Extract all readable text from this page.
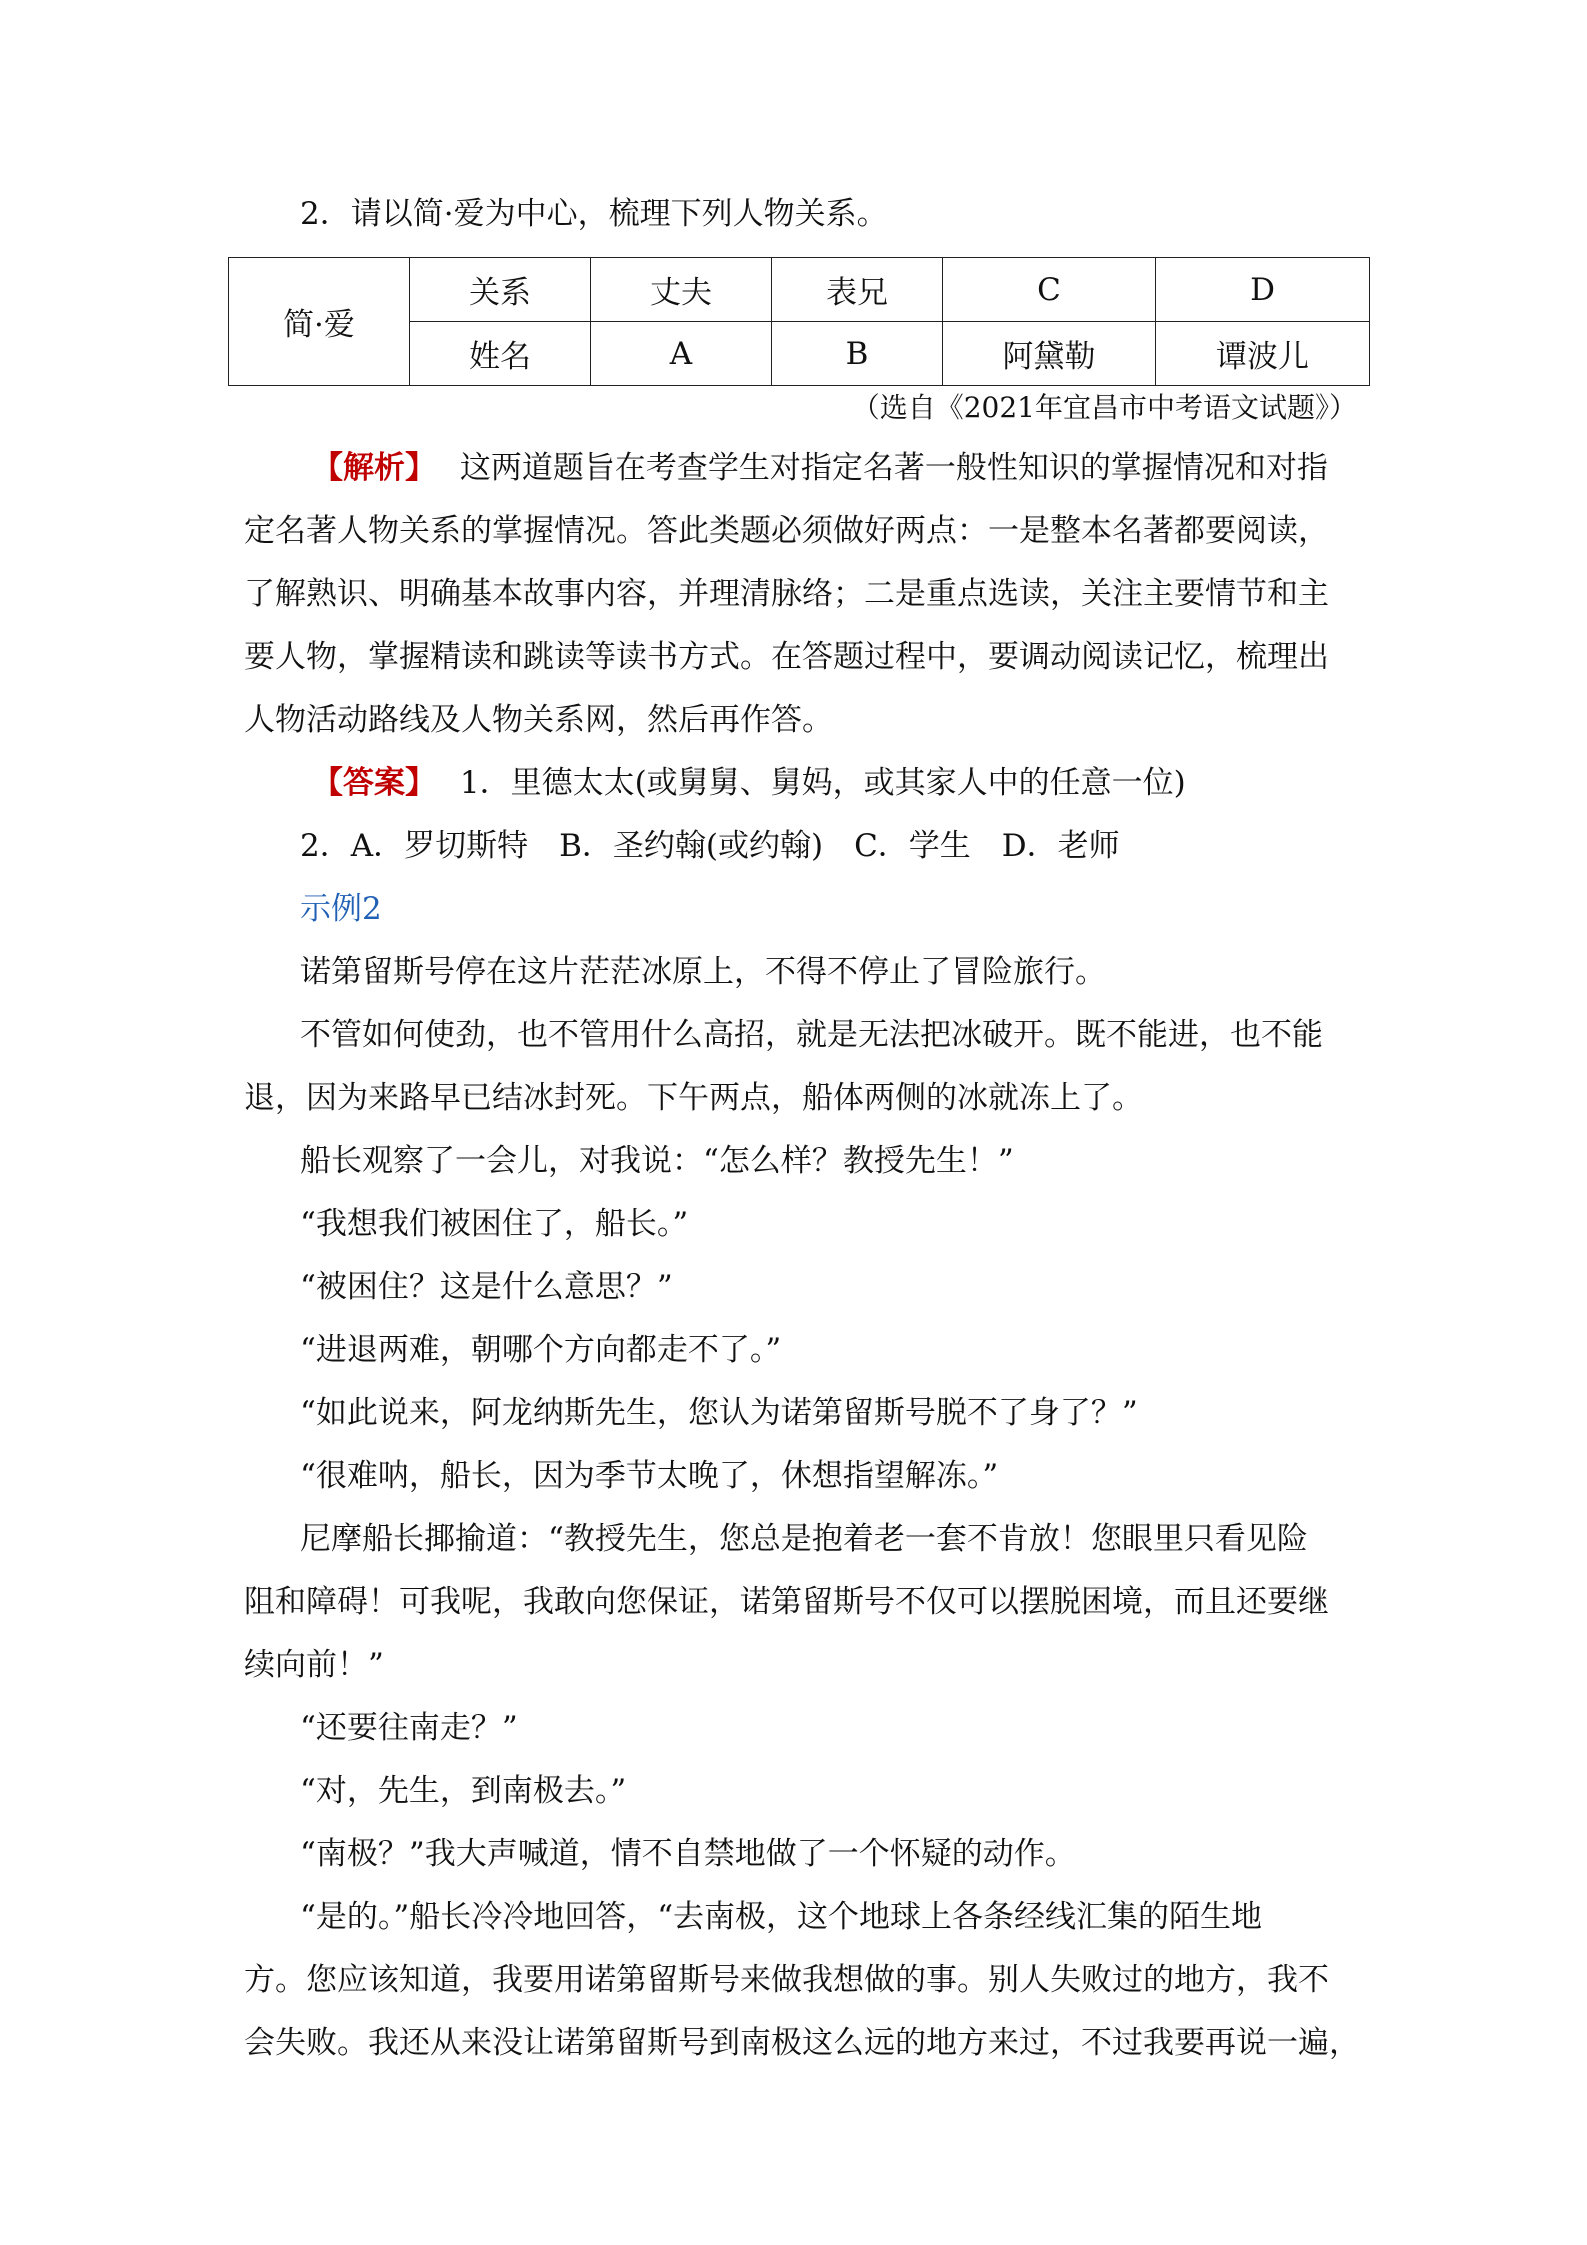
2．请以简·爱为中心，梳理下列人物关系。
简·爱	关系	丈夫	表兄	C	D
	姓名	A	B	阿黛勒	谭波儿
（选自《2021年宜昌市中考语文试题》）
【解析】 这两道题旨在考查学生对指定名著一般性知识的掌握情况和对指
定名著人物关系的掌握情况。答此类题必须做好两点：一是整本名著都要阅读，
了解熟识、明确基本故事内容，并理清脉络；二是重点选读，关注主要情节和主
要人物，掌握精读和跳读等读书方式。在答题过程中，要调动阅读记忆，梳理出
人物活动路线及人物关系网，然后再作答。
【答案】 1．里德太太(或舅舅、舅妈，或其家人中的任意一位)
2．A．罗切斯特　B．圣约翰(或约翰)　C．学生　D．老师
示例2
诺第留斯号停在这片茫茫冰原上，不得不停止了冒险旅行。
不管如何使劲，也不管用什么高招，就是无法把冰破开。既不能进，也不能
退，因为来路早已结冰封死。下午两点，船体两侧的冰就冻上了。
船长观察了一会儿，对我说：“怎么样？教授先生！”
“我想我们被困住了，船长。”
“被困住？这是什么意思？”
“进退两难，朝哪个方向都走不了。”
“如此说来，阿龙纳斯先生，您认为诺第留斯号脱不了身了？”
“很难呐，船长，因为季节太晚了，休想指望解冻。”
尼摩船长揶揄道：“教授先生，您总是抱着老一套不肯放！您眼里只看见险
阻和障碍！可我呢，我敢向您保证，诺第留斯号不仅可以摆脱困境，而且还要继
续向前！”
“还要往南走？”
“对，先生，到南极去。”
“南极？”我大声喊道，情不自禁地做了一个怀疑的动作。
“是的。”船长冷冷地回答，“去南极，这个地球上各条经线汇集的陌生地
方。您应该知道，我要用诺第留斯号来做我想做的事。别人失败过的地方，我不
会失败。我还从来没让诺第留斯号到南极这么远的地方来过，不过我要再说一遍，
